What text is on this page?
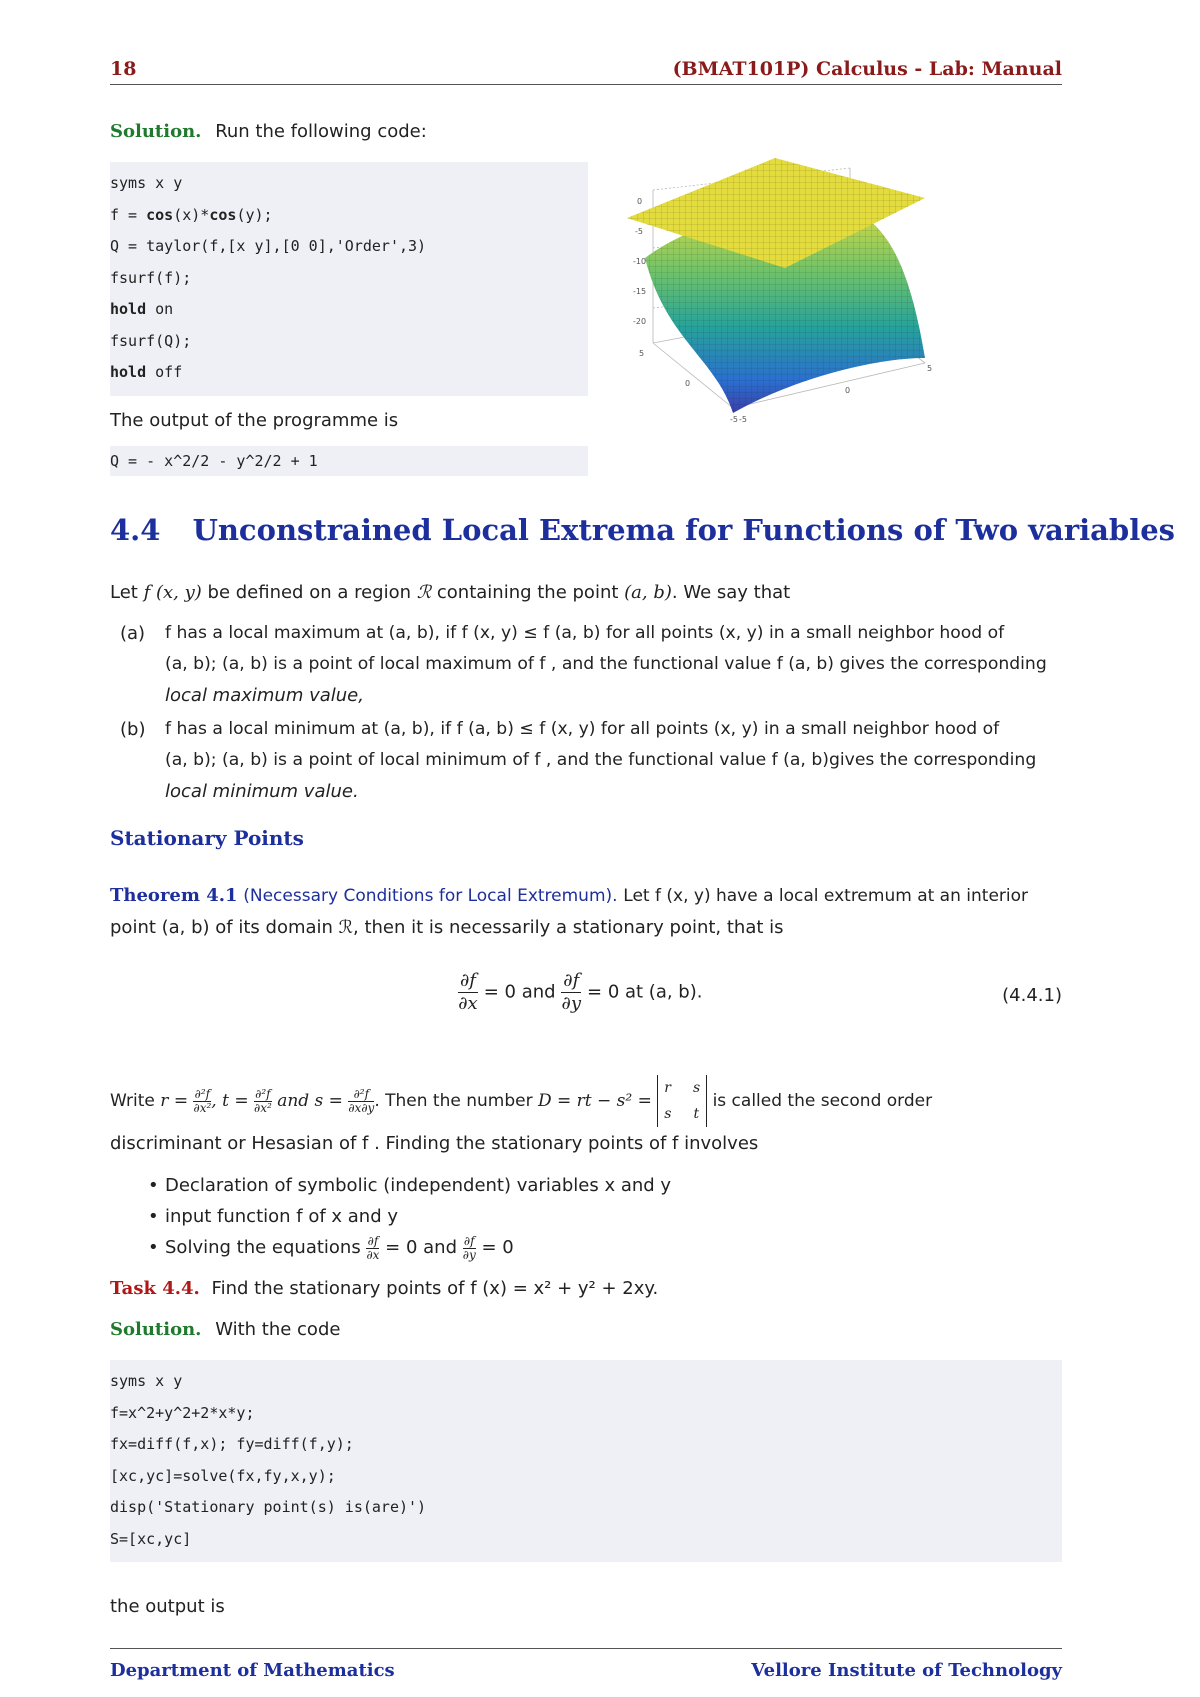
18	(BMAT101P) Calculus - Lab: Manual
Solution. Run the following code:
syms x y
f = cos(x)*cos(y);
Q = taylor(f,[x y],[0 0],'Order',3)
fsurf(f);
hold on
fsurf(Q);
hold off
The output of the programme is
Q = - x^2/2 - y^2/2 + 1
0
-5
-10
-15
-20
5
0
-5
5
0
-5
4.4 Unconstrained Local Extrema for Functions of Two variables
Let f (x, y) be defined on a region ℛ containing the point (a, b). We say that
(a) f has a local maximum at (a, b), if f (x, y) ≤ f (a, b) for all points (x, y) in a small neighbor hood of
(a, b); (a, b) is a point of local maximum of f , and the functional value f (a, b) gives the corresponding
local maximum value,
(b) f has a local minimum at (a, b), if f (a, b) ≤ f (x, y) for all points (x, y) in a small neighbor hood of
(a, b); (a, b) is a point of local minimum of f , and the functional value f (a, b)gives the corresponding
local minimum value.
Stationary Points
Theorem 4.1 (Necessary Conditions for Local Extremum). Let f (x, y) have a local extremum at an interior
point (a, b) of its domain ℛ, then it is necessarily a stationary point, that is
$\frac{\partial f}{\partial x} = 0$ and $\frac{\partial f}{\partial y} = 0$ at (a, b).	(4.4.1)
Write $r = \frac{\text{∂²f}}{\text{∂x²}}$ , $t = \frac{\text{∂²f}}{\text{∂x²}}$ and $s = \frac{\text{∂²f}}{\partial x\partial y}$ . Then the number D = rt − s² =
r s
s t
is called the second order
discriminant or Hesasian of f . Finding the stationary points of f involves
• Declaration of symbolic (independent) variables x and y
• input function f of x and y
• Solving the equations $\frac{\partial f}{\partial x} = 0$ and $\frac{\partial f}{\partial y} = 0$
Task 4.4. Find the stationary points of f (x) = x² + y² + 2xy.
Solution. With the code
syms x y
f=x^2+y^2+2*x*y;
fx=diff(f,x); fy=diff(f,y);
[xc,yc]=solve(fx,fy,x,y);
disp('Stationary point(s) is(are)')
S=[xc,yc]
the output is
Department of Mathematics	Vellore Institute of Technology
